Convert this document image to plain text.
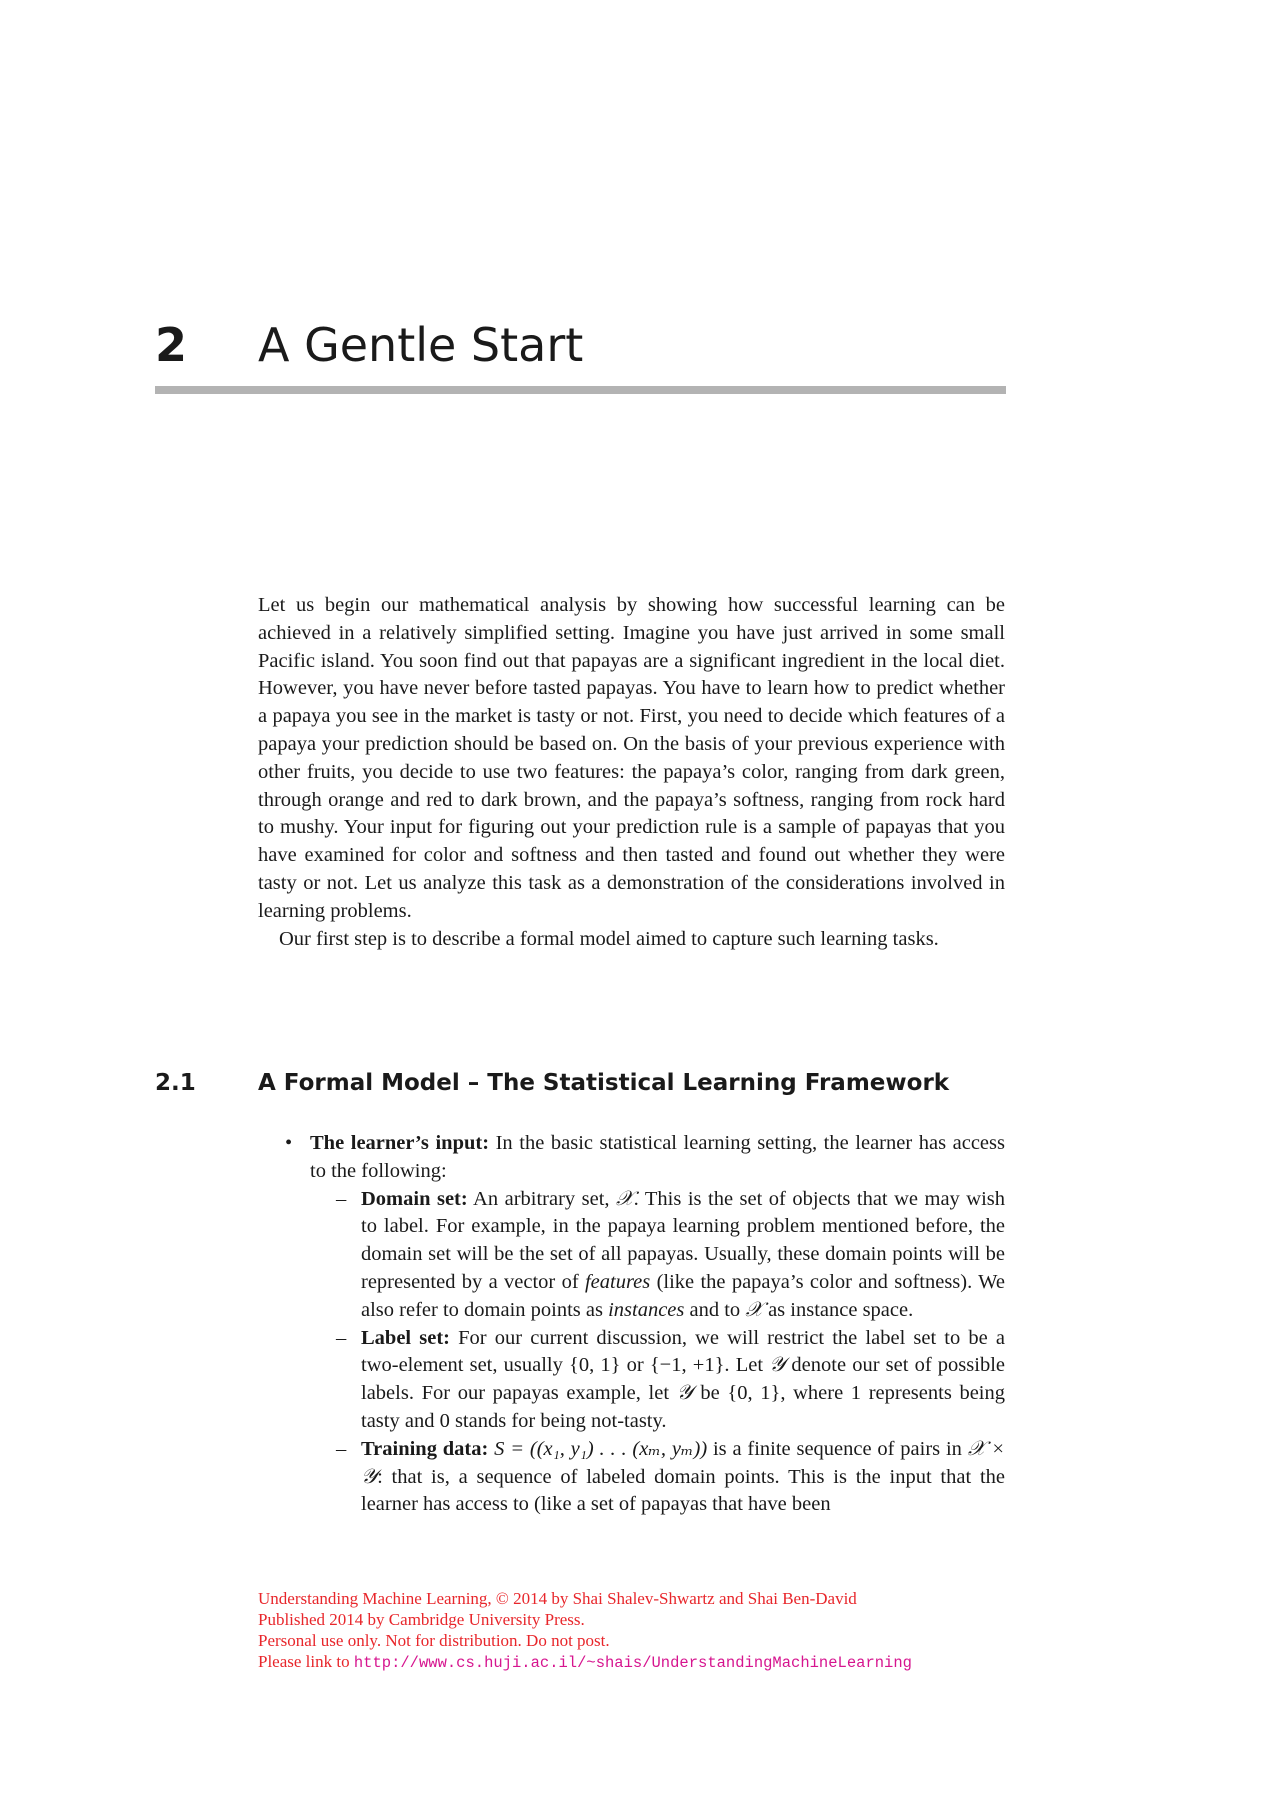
2 A Gentle Start

Let us begin our mathematical analysis by showing how successful learning can be achieved in a relatively simplified setting. Imagine you have just arrived in some small Pacific island. You soon find out that papayas are a significant ingredient in the local diet. However, you have never before tasted papayas. You have to learn how to predict whether a papaya you see in the market is tasty or not. First, you need to decide which features of a papaya your prediction should be based on. On the basis of your previous experience with other fruits, you decide to use two features: the papaya’s color, ranging from dark green, through orange and red to dark brown, and the papaya’s softness, ranging from rock hard to mushy. Your input for figuring out your prediction rule is a sample of papayas that you have examined for color and softness and then tasted and found out whether they were tasty or not. Let us analyze this task as a demonstration of the considerations involved in learning problems.

Our first step is to describe a formal model aimed to capture such learning tasks.

2.1	A Formal Model – The Statistical Learning Framework

• The learner’s input: In the basic statistical learning setting, the learner has access to the following:

– Domain set: An arbitrary set, 𝒳. This is the set of objects that we may wish to label. For example, in the papaya learning problem mentioned before, the domain set will be the set of all papayas. Usually, these domain points will be represented by a vector of features (like the papaya’s color and softness). We also refer to domain points as instances and to 𝒳 as instance space.

– Label set: For our current discussion, we will restrict the label set to be a two-element set, usually {0, 1} or {−1, +1}. Let 𝒴 denote our set of possible labels. For our papayas example, let 𝒴 be {0, 1}, where 1 represents being tasty and 0 stands for being not-tasty.

– Training data: S = ((x₁, y₁) . . . (xₘ, yₘ)) is a finite sequence of pairs in 𝒳 × 𝒴: that is, a sequence of labeled domain points. This is the input that the learner has access to (like a set of papayas that have been

Understanding Machine Learning, © 2014 by Shai Shalev-Shwartz and Shai Ben-David
Published 2014 by Cambridge University Press.
Personal use only. Not for distribution. Do not post.
Please link to http://www.cs.huji.ac.il/~shais/UnderstandingMachineLearning
